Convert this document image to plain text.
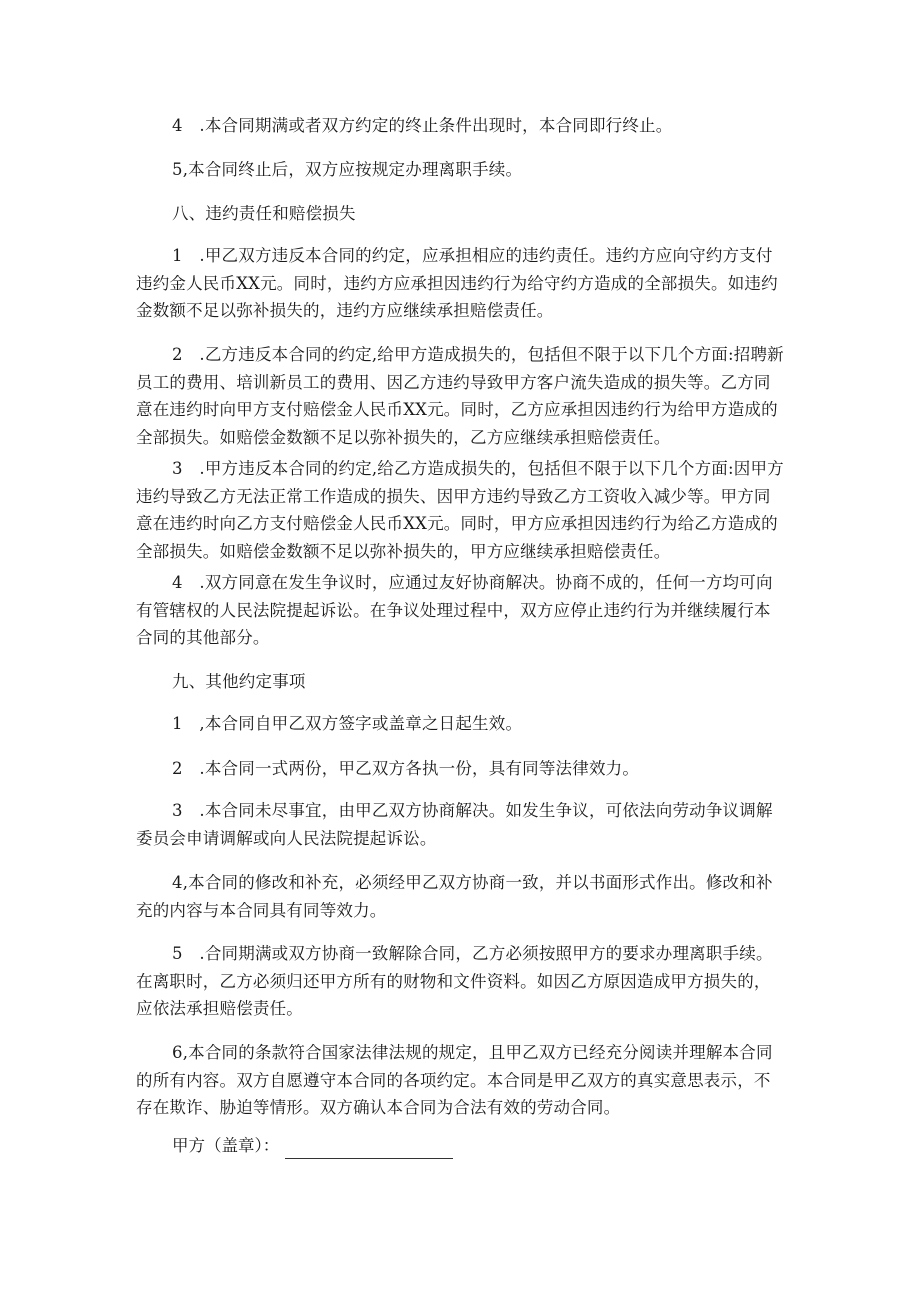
4　.本合同期满或者双方约定的终止条件出现时，本合同即行终止。

5,本合同终止后，双方应按规定办理离职手续。

八、违约责任和赔偿损失

1　.甲乙双方违反本合同的约定，应承担相应的违约责任。违约方应向守约方支付违约金人民币XX元。同时，违约方应承担因违约行为给守约方造成的全部损失。如违约金数额不足以弥补损失的，违约方应继续承担赔偿责任。

2　.乙方违反本合同的约定,给甲方造成损失的，包括但不限于以下几个方面:招聘新员工的费用、培训新员工的费用、因乙方违约导致甲方客户流失造成的损失等。乙方同意在违约时向甲方支付赔偿金人民币XX元。同时，乙方应承担因违约行为给甲方造成的全部损失。如赔偿金数额不足以弥补损失的，乙方应继续承担赔偿责任。

3　.甲方违反本合同的约定,给乙方造成损失的，包括但不限于以下几个方面:因甲方违约导致乙方无法正常工作造成的损失、因甲方违约导致乙方工资收入减少等。甲方同意在违约时向乙方支付赔偿金人民币XX元。同时，甲方应承担因违约行为给乙方造成的全部损失。如赔偿金数额不足以弥补损失的，甲方应继续承担赔偿责任。

4　.双方同意在发生争议时，应通过友好协商解决。协商不成的，任何一方均可向有管辖权的人民法院提起诉讼。在争议处理过程中，双方应停止违约行为并继续履行本合同的其他部分。

九、其他约定事项

1　,本合同自甲乙双方签字或盖章之日起生效。

2　.本合同一式两份，甲乙双方各执一份，具有同等法律效力。

3　.本合同未尽事宜，由甲乙双方协商解决。如发生争议，可依法向劳动争议调解委员会申请调解或向人民法院提起诉讼。

4,本合同的修改和补充，必须经甲乙双方协商一致，并以书面形式作出。修改和补充的内容与本合同具有同等效力。

5　.合同期满或双方协商一致解除合同，乙方必须按照甲方的要求办理离职手续。在离职时，乙方必须归还甲方所有的财物和文件资料。如因乙方原因造成甲方损失的，应依法承担赔偿责任。

6,本合同的条款符合国家法律法规的规定，且甲乙双方已经充分阅读并理解本合同的所有内容。双方自愿遵守本合同的各项约定。本合同是甲乙双方的真实意思表示，不存在欺诈、胁迫等情形。双方确认本合同为合法有效的劳动合同。

甲方（盖章）：
